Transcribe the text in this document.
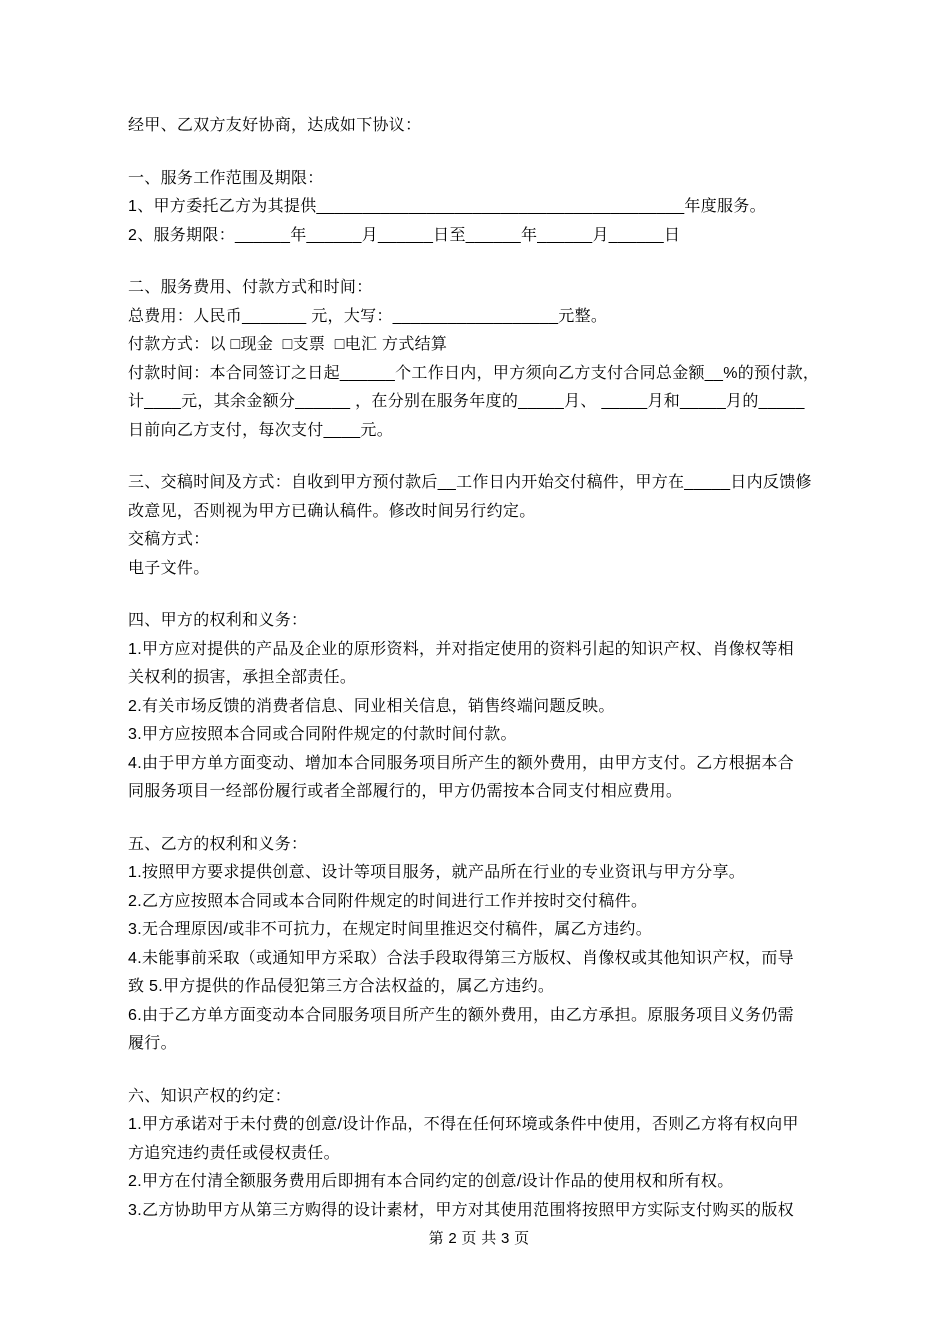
经甲、乙双方友好协商，达成如下协议：
一、服务工作范围及期限：
1、甲方委托乙方为其提供________________________________________年度服务。
2、服务期限：______年______月______日至______年______月______日
二、服务费用、付款方式和时间：
总费用：人民币_______ 元，大写：__________________元整。
付款方式：以 □现金 □支票 □电汇 方式结算
付款时间：本合同签订之日起______个工作日内，甲方须向乙方支付合同总金额__%的预付款，
计____元，其余金额分______ ，在分别在服务年度的_____月、 _____月和_____月的_____
日前向乙方支付，每次支付____元。
三、交稿时间及方式：自收到甲方预付款后__工作日内开始交付稿件，甲方在_____日内反馈修
改意见，否则视为甲方已确认稿件。修改时间另行约定。
交稿方式：
电子文件。
四、甲方的权利和义务：
1.甲方应对提供的产品及企业的原形资料，并对指定使用的资料引起的知识产权、肖像权等相
关权利的损害，承担全部责任。
2.有关市场反馈的消费者信息、同业相关信息，销售终端问题反映。
3.甲方应按照本合同或合同附件规定的付款时间付款。
4.由于甲方单方面变动、增加本合同服务项目所产生的额外费用，由甲方支付。乙方根据本合
同服务项目一经部份履行或者全部履行的，甲方仍需按本合同支付相应费用。
五、乙方的权利和义务：
1.按照甲方要求提供创意、设计等项目服务，就产品所在行业的专业资讯与甲方分享。
2.乙方应按照本合同或本合同附件规定的时间进行工作并按时交付稿件。
3.无合理原因/或非不可抗力，在规定时间里推迟交付稿件，属乙方违约。
4.未能事前采取（或通知甲方采取）合法手段取得第三方版权、肖像权或其他知识产权，而导
致 5.甲方提供的作品侵犯第三方合法权益的，属乙方违约。
6.由于乙方单方面变动本合同服务项目所产生的额外费用，由乙方承担。原服务项目义务仍需
履行。
六、知识产权的约定：
1.甲方承诺对于未付费的创意/设计作品，不得在任何环境或条件中使用，否则乙方将有权向甲
方追究违约责任或侵权责任。
2.甲方在付清全额服务费用后即拥有本合同约定的创意/设计作品的使用权和所有权。
3.乙方协助甲方从第三方购得的设计素材，甲方对其使用范围将按照甲方实际支付购买的版权
第 2 页 共 3 页
